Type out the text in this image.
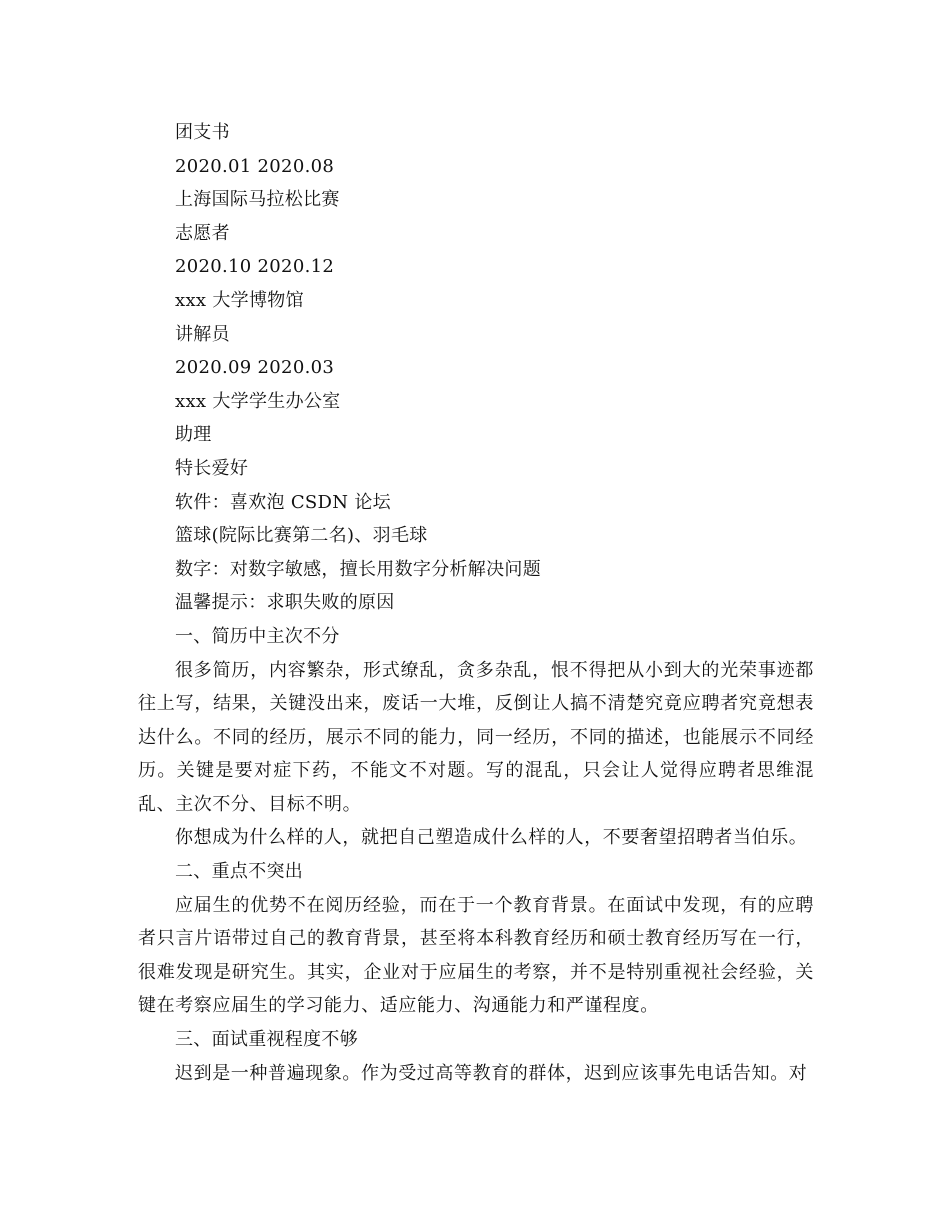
团支书
2020.01 2020.08
上海国际马拉松比赛
志愿者
2020.10 2020.12
xxx 大学博物馆
讲解员
2020.09 2020.03
xxx 大学学生办公室
助理
特长爱好
软件：喜欢泡 CSDN 论坛
篮球(院际比赛第二名)、羽毛球
数字：对数字敏感，擅长用数字分析解决问题
温馨提示：求职失败的原因
一、简历中主次不分

很多简历，内容繁杂，形式缭乱，贪多杂乱，恨不得把从小到大的光荣事迹都往上写，结果，关键没出来，废话一大堆，反倒让人搞不清楚究竟应聘者究竟想表达什么。不同的经历，展示不同的能力，同一经历，不同的描述，也能展示不同经历。关键是要对症下药，不能文不对题。写的混乱，只会让人觉得应聘者思维混乱、主次不分、目标不明。

你想成为什么样的人，就把自己塑造成什么样的人，不要奢望招聘者当伯乐。

二、重点不突出

应届生的优势不在阅历经验，而在于一个教育背景。在面试中发现，有的应聘者只言片语带过自己的教育背景，甚至将本科教育经历和硕士教育经历写在一行，很难发现是研究生。其实，企业对于应届生的考察，并不是特别重视社会经验，关键在考察应届生的学习能力、适应能力、沟通能力和严谨程度。

三、面试重视程度不够

迟到是一种普遍现象。作为受过高等教育的群体，迟到应该事先电话告知。对
